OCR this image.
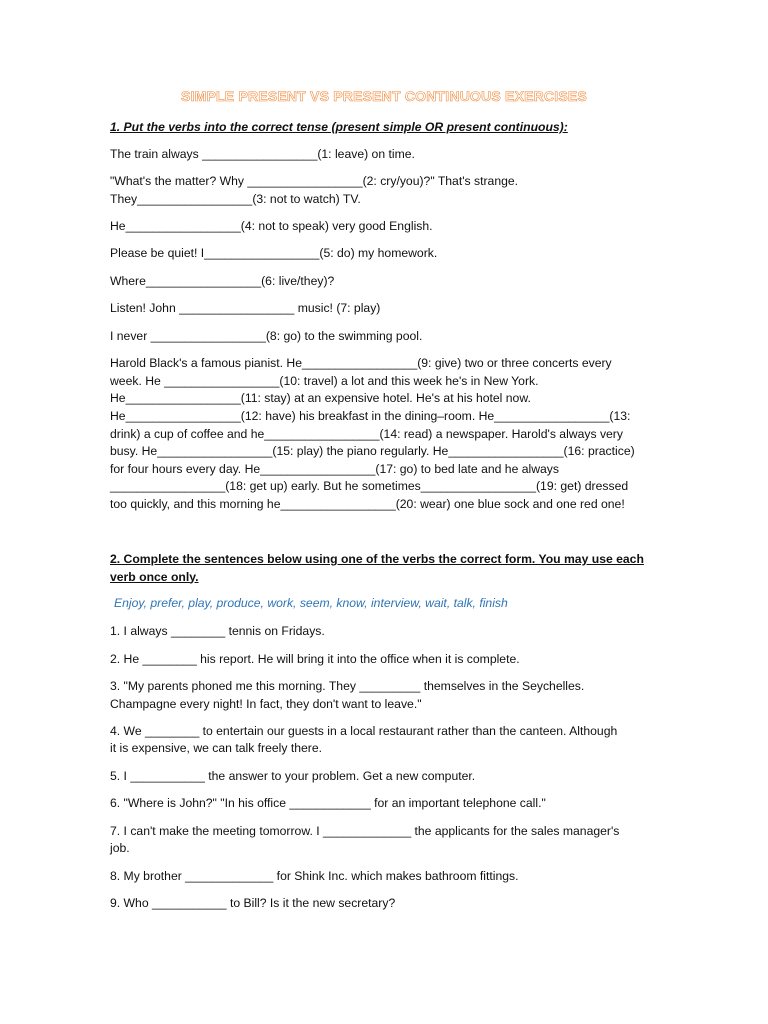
SIMPLE PRESENT VS PRESENT CONTINUOUS EXERCISES

1. Put the verbs into the correct tense (present simple OR present continuous):

The train always _________________(1: leave) on time.

"What's the matter? Why _________________(2: cry/you)?" That's strange.

They_________________(3: not to watch) TV.

He_________________(4: not to speak) very good English.

Please be quiet! I_________________(5: do) my homework.

Where_________________(6: live/they)?

Listen! John _________________ music! (7: play)

I never _________________(8: go) to the swimming pool.

Harold Black's a famous pianist. He_________________(9: give) two or three concerts every

week. He _________________(10: travel) a lot and this week he's in New York.

He_________________(11: stay) at an expensive hotel. He's at his hotel now.

He_________________(12: have) his breakfast in the dining–room. He_________________(13:

drink) a cup of coffee and he_________________(14: read) a newspaper. Harold's always very

busy. He_________________(15: play) the piano regularly. He_________________(16: practice)

for four hours every day. He_________________(17: go) to bed late and he always

_________________(18: get up) early. But he sometimes_________________(19: get) dressed

too quickly, and this morning he_________________(20: wear) one blue sock and one red one!

2. Complete the sentences below using one of the verbs the correct form. You may use each
verb once only.
Enjoy, prefer, play, produce, work, seem, know, interview, wait, talk, finish

1. I always ________ tennis on Fridays.

2. He ________ his report. He will bring it into the office when it is complete.

3. "My parents phoned me this morning. They _________ themselves in the Seychelles.

Champagne every night! In fact, they don't want to leave."

4. We ________ to entertain our guests in a local restaurant rather than the canteen. Although

it is expensive, we can talk freely there.

5. I ___________ the answer to your problem. Get a new computer.

6. "Where is John?" "In his office ____________ for an important telephone call."

7. I can't make the meeting tomorrow. I _____________ the applicants for the sales manager's

job.

8. My brother _____________ for Shink Inc. which makes bathroom fittings.

9. Who ___________ to Bill? Is it the new secretary?
